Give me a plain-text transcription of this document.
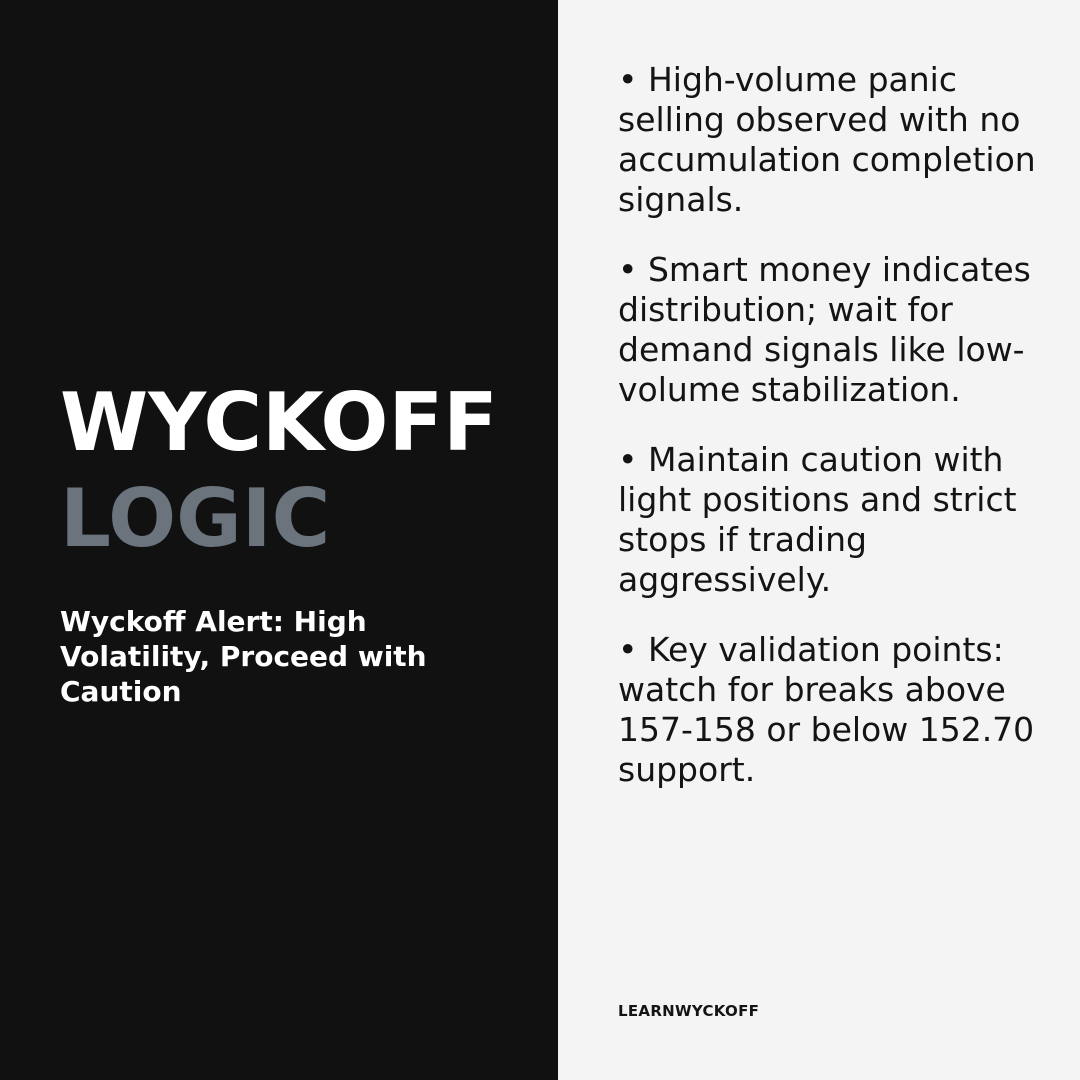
WYCKOFF
LOGIC

Wyckoff Alert: High Volatility, Proceed with Caution

• High-volume panic selling observed with no accumulation completion signals.
• Smart money indicates distribution; wait for demand signals like low-volume stabilization.
• Maintain caution with light positions and strict stops if trading aggressively.
• Key validation points: watch for breaks above 157-158 or below 152.70 support.

LEARNWYCKOFF
